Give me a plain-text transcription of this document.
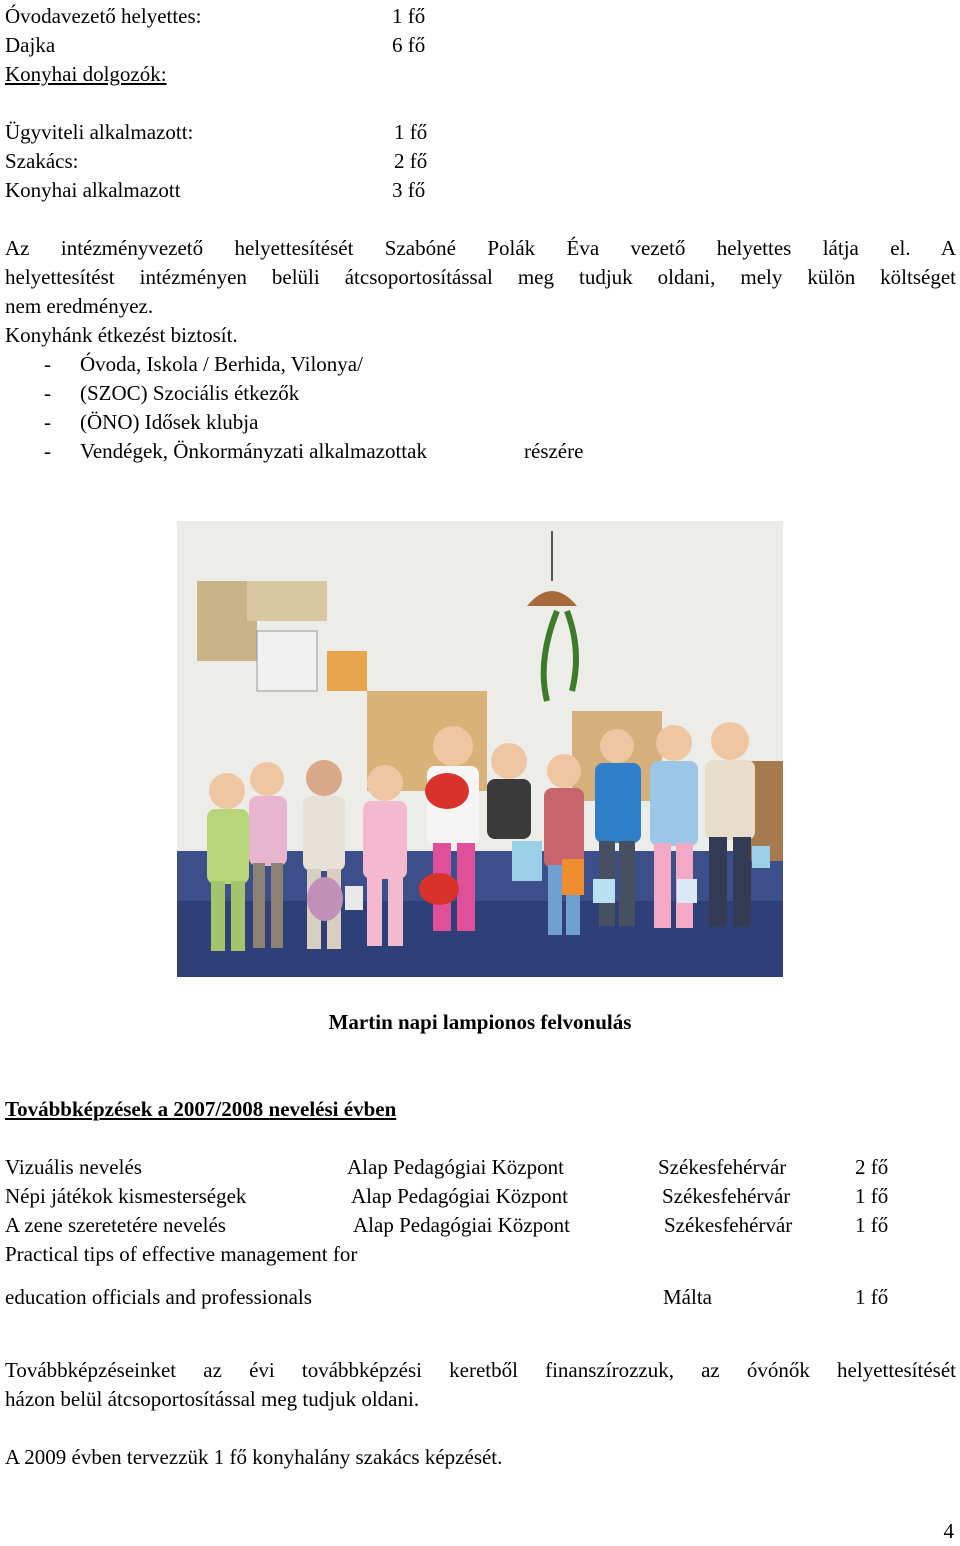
Óvodavezető helyettes:	1 fő
Dajka	6 fő
Konyhai dolgozók:
Ügyviteli alkalmazott:	1 fő
Szakács:	2 fő
Konyhai alkalmazott	3 fő
Az intézményvezető helyettesítését Szabóné Polák Éva vezető helyettes látja el. A
helyettesítést intézményen belüli átcsoportosítással meg tudjuk oldani, mely külön költséget
nem eredményez.
Konyhánk étkezést biztosít.
- Óvoda, Iskola / Berhida, Vilonya/
- (SZOC) Szociális étkezők
- (ÖNO) Idősek klubja
- Vendégek, Önkormányzati alkalmazottak	részére
Martin napi lampionos felvonulás
Továbbképzések a 2007/2008 nevelési évben
Vizuális nevelés	Alap Pedagógiai Központ	Székesfehérvár	2 fő
Népi játékok kismesterségek	Alap Pedagógiai Központ	Székesfehérvár	1 fő
A zene szeretetére nevelés	Alap Pedagógiai Központ	Székesfehérvár	1 fő
Practical tips of effective management for
education officials and professionals	Málta	1 fő
Továbbképzéseinket az évi továbbképzési keretből finanszírozzuk, az óvónők helyettesítését
házon belül átcsoportosítással meg tudjuk oldani.
A 2009 évben tervezzük 1 fő konyhalány szakács képzését.
4
